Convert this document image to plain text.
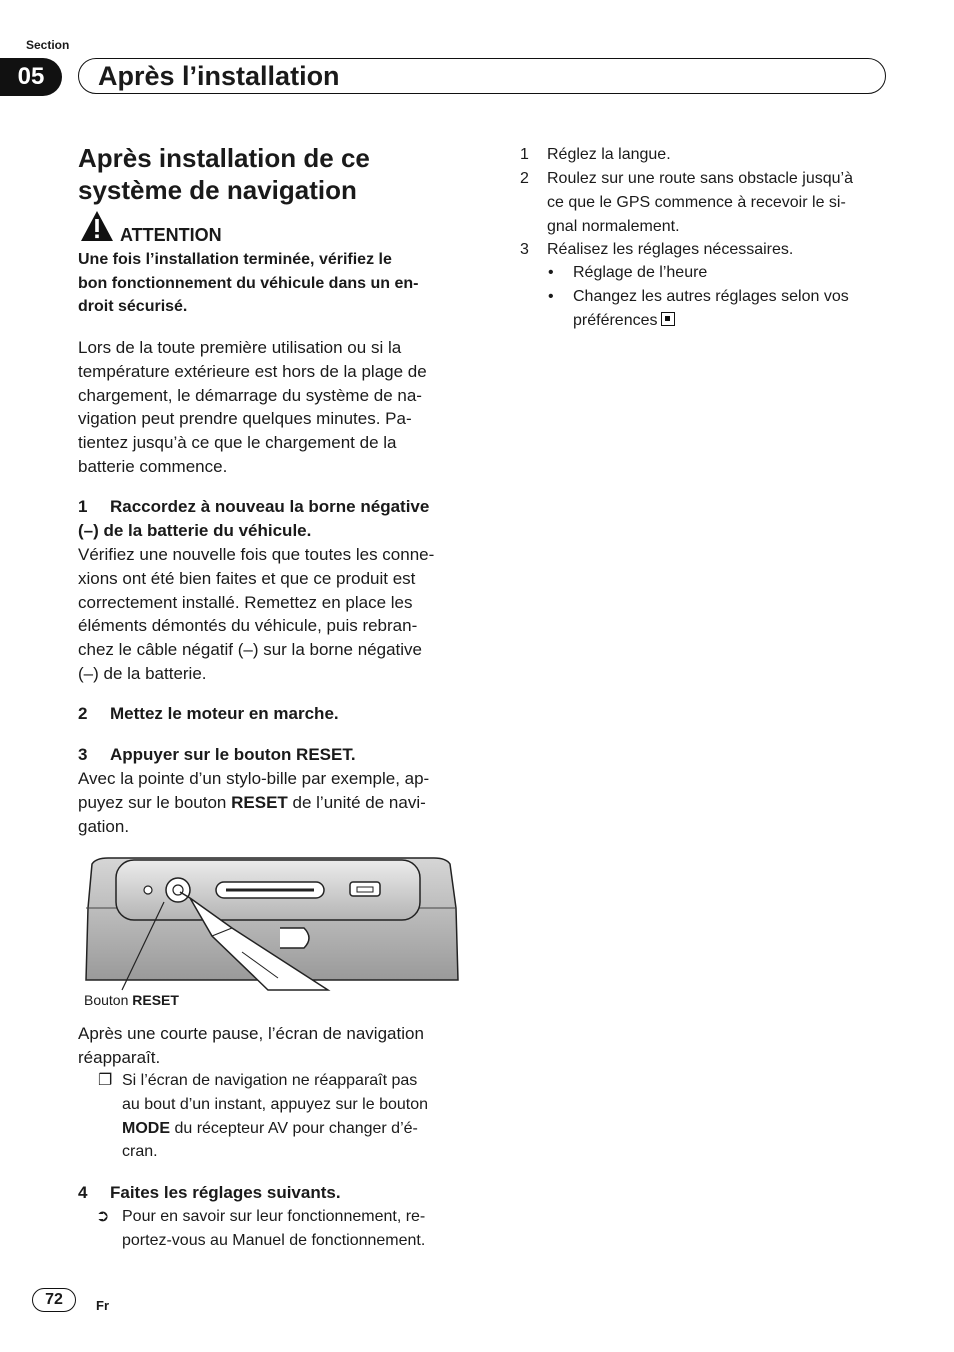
Section
05	Après l’installation
Après installation de ce
système de navigation
ATTENTION
Une fois l’installation terminée, vérifiez le
bon fonctionnement du véhicule dans un en-
droit sécurisé.
Lors de la toute première utilisation ou si la
température extérieure est hors de la plage de
chargement, le démarrage du système de na-
vigation peut prendre quelques minutes. Pa-
tientez jusqu’à ce que le chargement de la
batterie commence.
1 Raccordez à nouveau la borne négative
(–) de la batterie du véhicule.
Vérifiez une nouvelle fois que toutes les conne-
xions ont été bien faites et que ce produit est
correctement installé. Remettez en place les
éléments démontés du véhicule, puis rebran-
chez le câble négatif (–) sur la borne négative
(–) de la batterie.
2 Mettez le moteur en marche.
3 Appuyer sur le bouton RESET.
Avec la pointe d’un stylo-bille par exemple, ap-
puyez sur le bouton RESET de l’unité de navi-
gation.
Bouton RESET
Après une courte pause, l’écran de navigation
réapparaît.
❐ Si l’écran de navigation ne réapparaît pas
au bout d’un instant, appuyez sur le bouton
MODE du récepteur AV pour changer d’é-
cran.
4 Faites les réglages suivants.
➲ Pour en savoir sur leur fonctionnement, re-
portez-vous au Manuel de fonctionnement.
1 Réglez la langue.
2 Roulez sur une route sans obstacle jusqu’à
ce que le GPS commence à recevoir le si-
gnal normalement.
3 Réalisez les réglages nécessaires.
• Réglage de l’heure
• Changez les autres réglages selon vos
préférences
72	Fr
